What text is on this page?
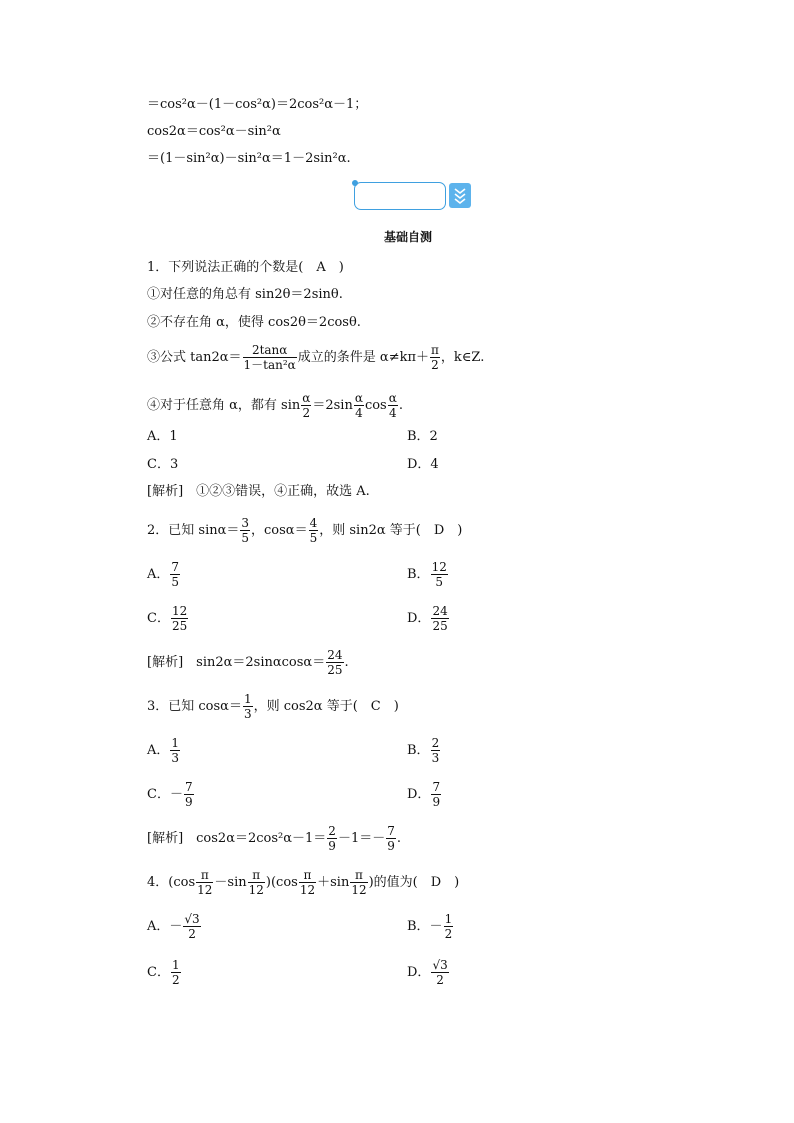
＝cos²α－(1－cos²α)＝2cos²α－1；
cos2α＝cos²α－sin²α
＝(1－sin²α)－sin²α＝1－2sin²α.
基础自测
1．下列说法正确的个数是(　A　)
①对任意的角总有 sin2θ＝2sinθ.
②不存在角 α，使得 cos2θ＝2cosθ.
③公式 $\tan 2\alpha= \frac{2\tan\alpha}{\text{1－tan²α}}$ 成立的条件是 $\alpha\ne k\pi+ \frac{\pi}{2}$ ，k∈Z.
④对于任意角 α，都有 $\sin \frac{\alpha}{2} =2\sin \frac{\alpha}{4}$ $\cos \frac{\alpha}{4}$ .
A．1	B．2
C．3	D．4
[解析]　①②③错误，④正确，故选 A.
2．已知 $\sin\alpha= \frac{3}{5}$ ，$\cos\alpha= \frac{4}{5}$ ，则 sin2α 等于(　D　)
A． $\frac{7}{5}$	B． $\frac{12}{5}$
C． $\frac{12}{25}$	D． $\frac{24}{25}$
[解析]　$\sin 2\alpha=2\sin\alpha\cos\alpha= \frac{24}{25}$ .
3．已知 $\cos\alpha= \frac{1}{3}$ ，则 cos2α 等于(　C　)
A． $\frac{1}{3}$	B． $\frac{2}{3}$
C．－ $\frac{7}{9}$	D． $\frac{7}{9}$
[解析]　$\cos 2\alpha=2\cos^2\alpha-1= \frac{2}{9} -1=- \frac{7}{9}$ .
4．$(\cos \frac{\pi}{12} -\sin \frac{\pi}{12} )(\cos \frac{\pi}{12} +\sin \frac{\pi}{12}$ )的值为(　D　)
A．－ $\frac{√3}{2}$	B．－ $\frac{1}{2}$
C． $\frac{1}{2}$	D． $\frac{√3}{2}$
